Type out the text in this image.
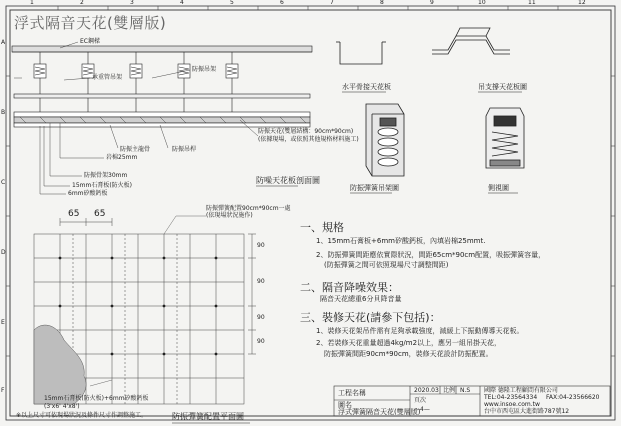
浮式隔音天花(雙層版)
EC鋼樑
承重管吊架
防振吊架
防振天花(雙層結構：90cm*90cm)
(依據現場，或依照其他規格材料施工)
防振主龍骨	防振吊桿
岩棉25mm
防振骨架30mm
15mm石膏板(防火板)
6mm矽酸鈣板
防噪天花板剖面圖
水平骨接天花板	吊支撐天花板圖
防振彈簧吊架圖	側視圖
65 65
防振彈簧配置90cm*90cm一處
(依現場狀況施作)
90
90
90
90
15mm石膏板(防火板)+6mm矽酸鈣板
(3'x6' 4'x8')
防振彈簧配置平面圖
※以上尺寸可依現場狀況及條件尺寸作調整施工。
一、規格
1、15mm石膏板+6mm矽酸鈣板，內填岩棉25mmt.
2、防振彈簧間距應依實際狀況，間距65cm*90cm配置，吸振彈簧容量，
(防振彈簧之間可依照現場尺寸調整間距)
二、隔音降噪效果：
隔音天花總重6分貝降音量
三、裝修天花(請參下包括)：
1、裝修天花架吊件需有足夠承載強度，減緩上下振動傳導天花板。
2、若裝修天花重量超過4kg/m2以上，應另一組吊掛天花，
防振彈簧間距90cm*90cm，裝修天花設計防振配置。
工程名稱
圖名
浮式彈簧隔音天花(雙層版)
2020.03 比例 N.S
頁次
—4—
國際 德隆工程顧問有限公司
TEL:04-23564334 FAX:04-23566620
www.insoe.com.tw
台中市西屯區大進街路787號12
1	2	3	4	5	6	7	8	9	10	11	12
A
B
C
D
E
F
